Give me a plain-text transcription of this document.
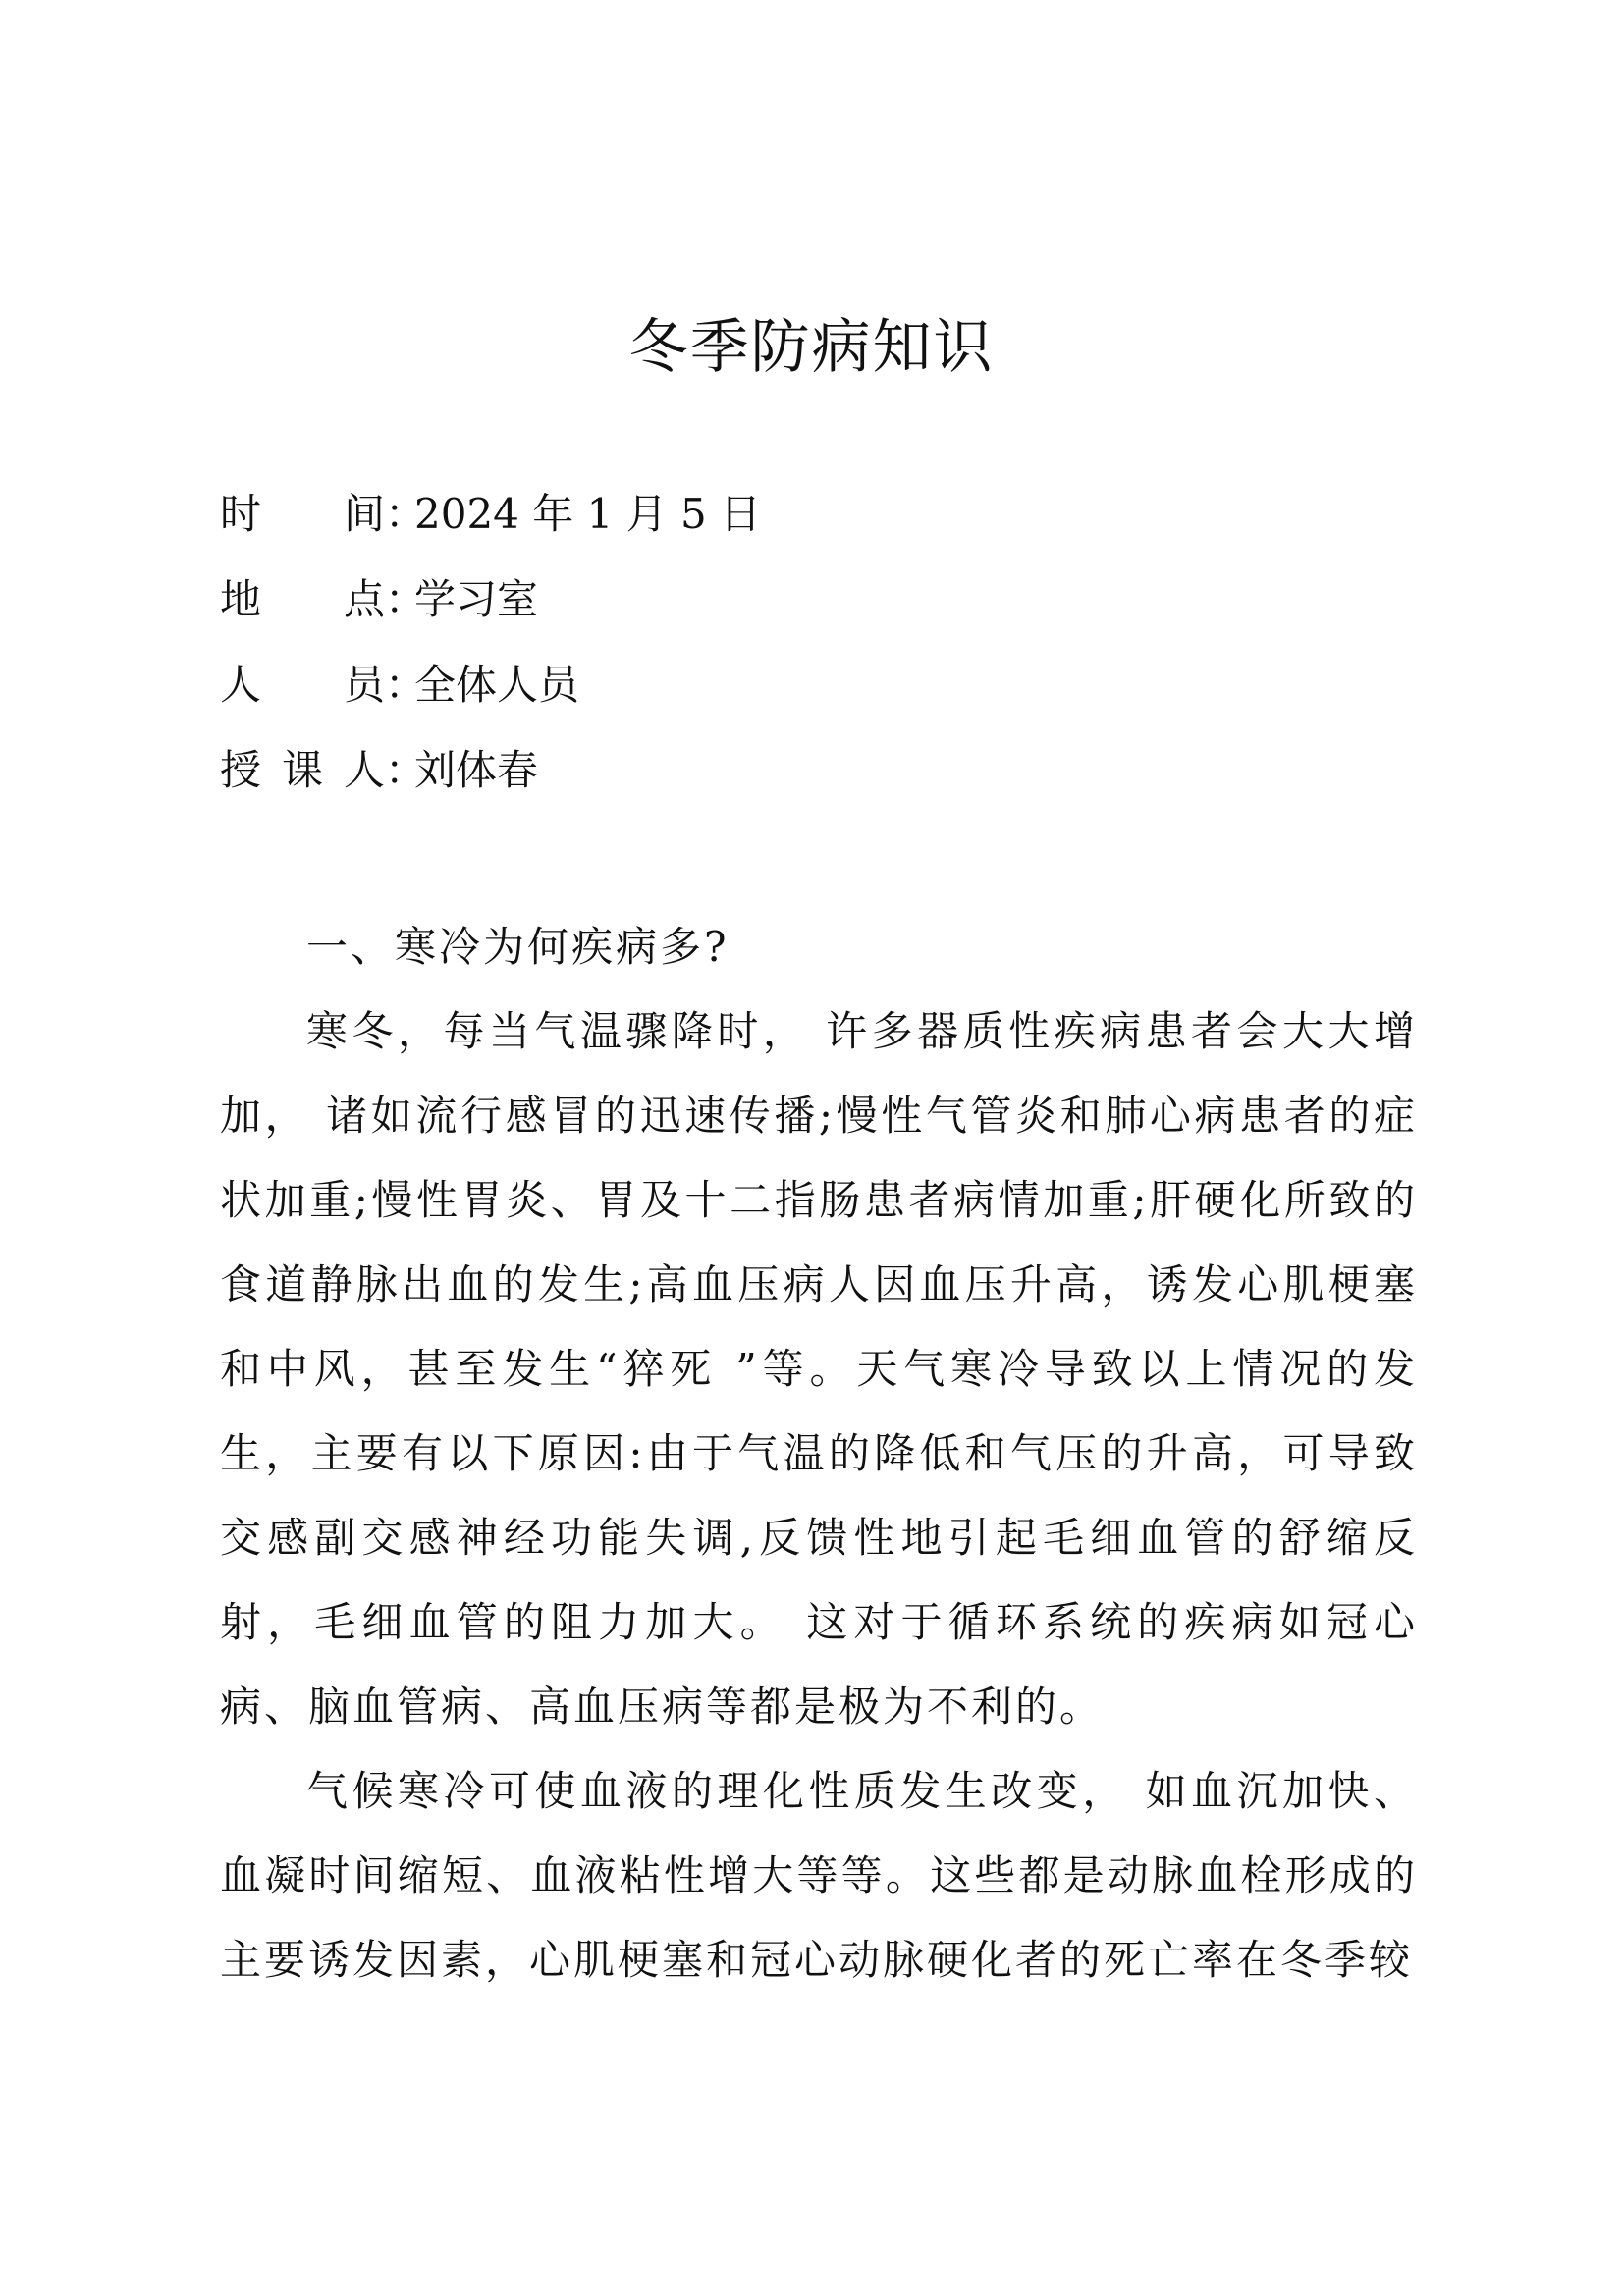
冬季防病知识
时间：2024 年 1 月 5 日
地点：学习室
人员：全体人员
授课人：刘体春

一、寒冷为何疾病多?

寒冬，每当气温骤降时， 许多器质性疾病患者会大大增加， 诸如流行感冒的迅速传播;慢性气管炎和肺心病患者的症状加重;慢性胃炎、胃及十二指肠患者病情加重;肝硬化所致的食道静脉出血的发生;高血压病人因血压升高，诱发心肌梗塞和中风，甚至发生“猝死 ”等。天气寒冷导致以上情况的发生，主要有以下原因:由于气温的降低和气压的升高，可导致交感副交感神经功能失调,反馈性地引起毛细血管的舒缩反射，毛细血管的阻力加大。 这对于循环系统的疾病如冠心病、脑血管病、高血压病等都是极为不利的。

气候寒冷可使血液的理化性质发生改变， 如血沉加快、血凝时间缩短、血液粘性增大等等。这些都是动脉血栓形成的主要诱发因素，心肌梗塞和冠心动脉硬化者的死亡率在冬季较
